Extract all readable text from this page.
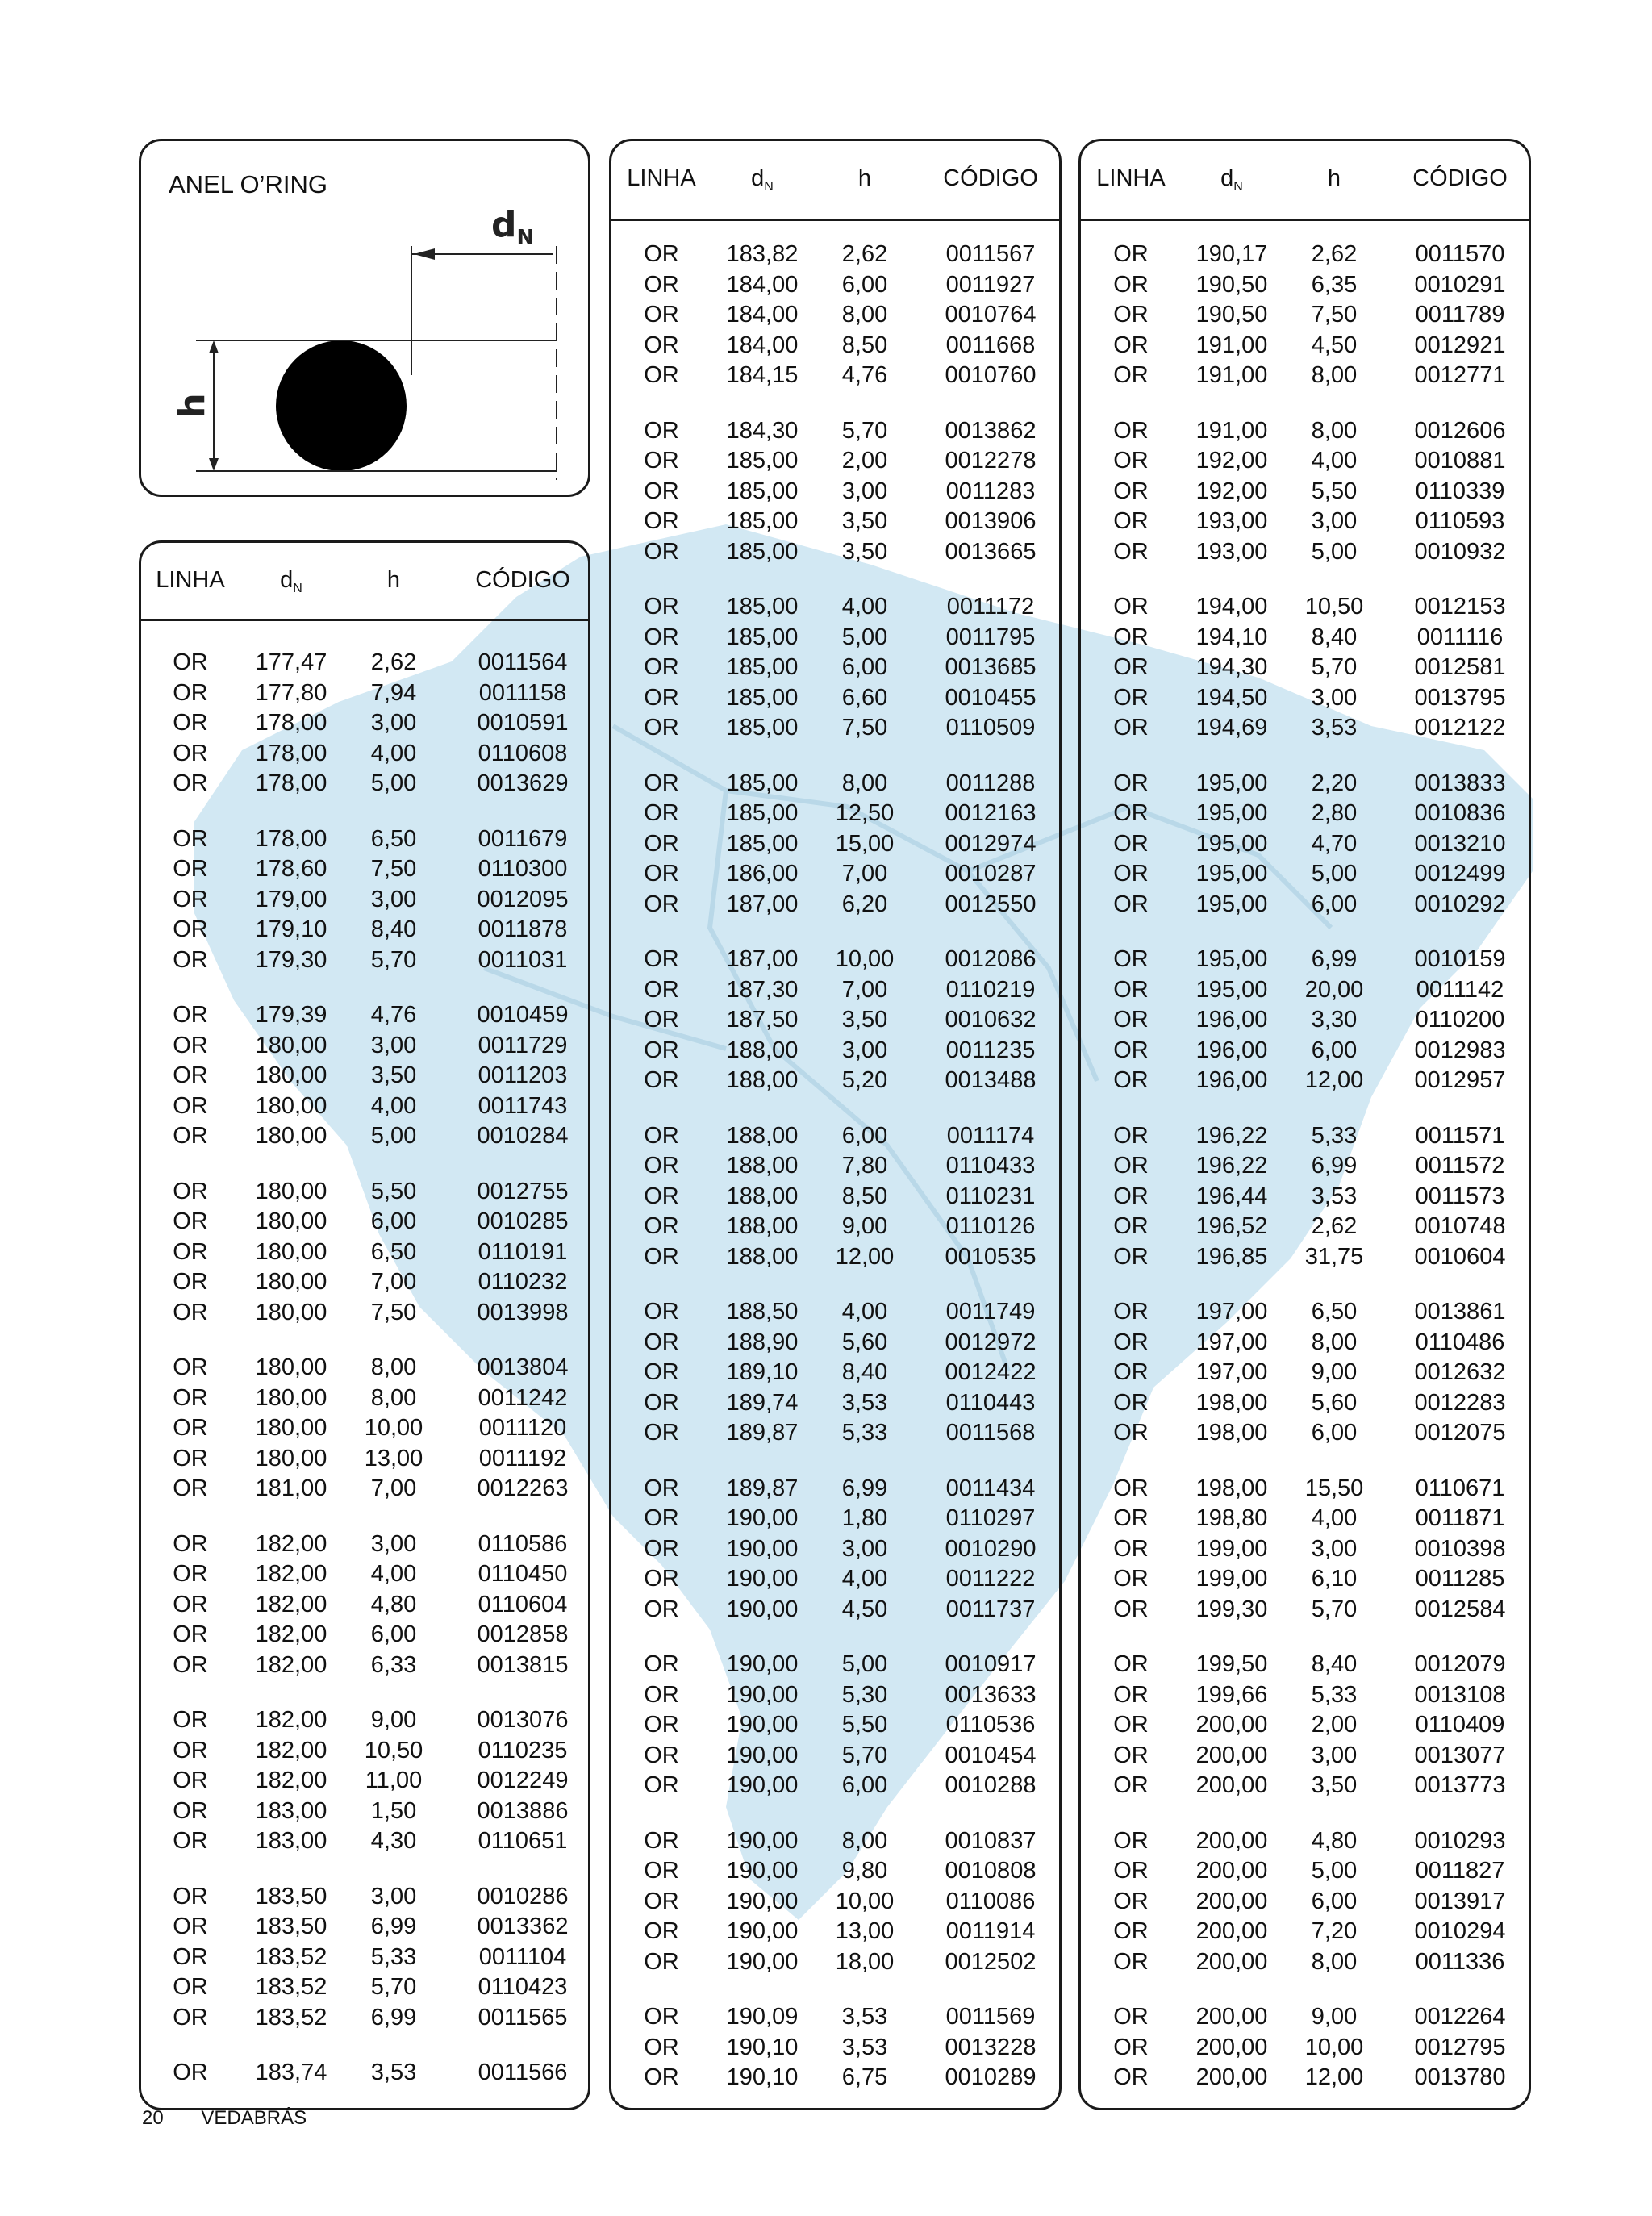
ANEL O’RING
$d_N$
h
LINHA $d_N$	h	CÓDIGO
OR 177,47 2,62	0011564
OR 177,80 7,94	0011158
OR 178,00 3,00	0010591
OR 178,00 4,00	0110608
OR 178,00 5,00	0013629
OR 178,00 6,50	0011679
OR 178,60 7,50	0110300
OR 179,00 3,00	0012095
OR 179,10 8,40	0011878
OR 179,30 5,70	0011031
OR 179,39 4,76	0010459
OR 180,00 3,00	0011729
OR 180,00 3,50	0011203
OR 180,00 4,00	0011743
OR 180,00 5,00	0010284
OR 180,00 5,50	0012755
OR 180,00 6,00	0010285
OR 180,00 6,50	0110191
OR 180,00 7,00	0110232
OR 180,00 7,50	0013998
OR 180,00 8,00	0013804
OR 180,00 8,00	0011242
OR 180,00 10,00 0011120
OR 180,00 13,00 0011192
OR 181,00 7,00	0012263
OR 182,00 3,00	0110586
OR 182,00 4,00	0110450
OR 182,00 4,80	0110604
OR 182,00 6,00	0012858
OR 182,00 6,33	0013815
OR 182,00 9,00	0013076
OR 182,00 10,50 0110235
OR 182,00 11,00 0012249
OR 183,00 1,50	0013886
OR 183,00 4,30	0110651
OR 183,50 3,00	0010286
OR 183,50 6,99	0013362
OR 183,52 5,33	0011104
OR 183,52 5,70	0110423
OR 183,52 6,99	0011565
OR 183,74 3,53	0011566
LINHA $d_N$	h	CÓDIGO
OR 183,82 2,62 0011567
OR 184,00 6,00 0011927
OR 184,00 8,00 0010764
OR 184,00 8,50 0011668
OR 184,15 4,76 0010760
OR 184,30 5,70 0013862
OR 185,00 2,00 0012278
OR 185,00 3,00 0011283
OR 185,00 3,50 0013906
OR 185,00 3,50 0013665
OR 185,00 4,00	0011172
OR 185,00 5,00 0011795
OR 185,00 6,00 0013685
OR 185,00 6,60 0010455
OR 185,00 7,50 0110509
OR 185,00 8,00 0011288
OR 185,00 12,50 0012163
OR 185,00 15,00 0012974
OR 186,00 7,00 0010287
OR 187,00 6,20 0012550
OR 187,00 10,00 0012086
OR 187,30 7,00 0110219
OR 187,50 3,50 0010632
OR 188,00 3,00 0011235
OR 188,00 5,20 0013488
OR 188,00 6,00	0011174
OR 188,00 7,80 0110433
OR 188,00 8,50 0110231
OR 188,00 9,00 0110126
OR 188,00 12,00 0010535
OR 188,50 4,00 0011749
OR 188,90 5,60 0012972
OR 189,10 8,40 0012422
OR 189,74 3,53 0110443
OR 189,87 5,33 0011568
OR 189,87 6,99 0011434
OR 190,00 1,80 0110297
OR 190,00 3,00 0010290
OR 190,00 4,00 0011222
OR 190,00 4,50 0011737
OR 190,00 5,00 0010917
OR 190,00 5,30 0013633
OR 190,00 5,50 0110536
OR 190,00 5,70 0010454
OR 190,00 6,00 0010288
OR 190,00 8,00 0010837
OR 190,00 9,80 0010808
OR 190,00 10,00 0110086
OR 190,00 13,00 0011914
OR 190,00 18,00 0012502
OR 190,09 3,53 0011569
OR 190,10 3,53 0013228
OR 190,10 6,75 0010289
LINHA $d_N$	h	CÓDIGO
OR 190,17 2,62 0011570
OR 190,50 6,35 0010291
OR 190,50 7,50 0011789
OR 191,00 4,50 0012921
OR 191,00 8,00 0012771
OR 191,00 8,00 0012606
OR 192,00 4,00 0010881
OR 192,00 5,50 0110339
OR 193,00 3,00 0110593
OR 193,00 5,00 0010932
OR 194,00 10,50 0012153
OR 194,10 8,40	0011116
OR 194,30 5,70 0012581
OR 194,50 3,00 0013795
OR 194,69 3,53 0012122
OR 195,00 2,20 0013833
OR 195,00 2,80 0010836
OR 195,00 4,70 0013210
OR 195,00 5,00 0012499
OR 195,00 6,00 0010292
OR 195,00 6,99 0010159
OR 195,00 20,00 0011142
OR 196,00 3,30 0110200
OR 196,00 6,00 0012983
OR 196,00 12,00 0012957
OR 196,22 5,33 0011571
OR 196,22 6,99 0011572
OR 196,44 3,53 0011573
OR 196,52 2,62 0010748
OR 196,85 31,75 0010604
OR 197,00 6,50 0013861
OR 197,00 8,00 0110486
OR 197,00 9,00 0012632
OR 198,00 5,60 0012283
OR 198,00 6,00 0012075
OR 198,00 15,50 0110671
OR 198,80 4,00 0011871
OR 199,00 3,00 0010398
OR 199,00 6,10 0011285
OR 199,30 5,70 0012584
OR 199,50 8,40 0012079
OR 199,66 5,33 0013108
OR 200,00 2,00 0110409
OR 200,00 3,00 0013077
OR 200,00 3,50 0013773
OR 200,00 4,80 0010293
OR 200,00 5,00 0011827
OR 200,00 6,00 0013917
OR 200,00 7,20 0010294
OR 200,00 8,00 0011336
OR 200,00 9,00 0012264
OR 200,00 10,00 0012795
OR 200,00 12,00 0013780
20 VEDABRÁS
